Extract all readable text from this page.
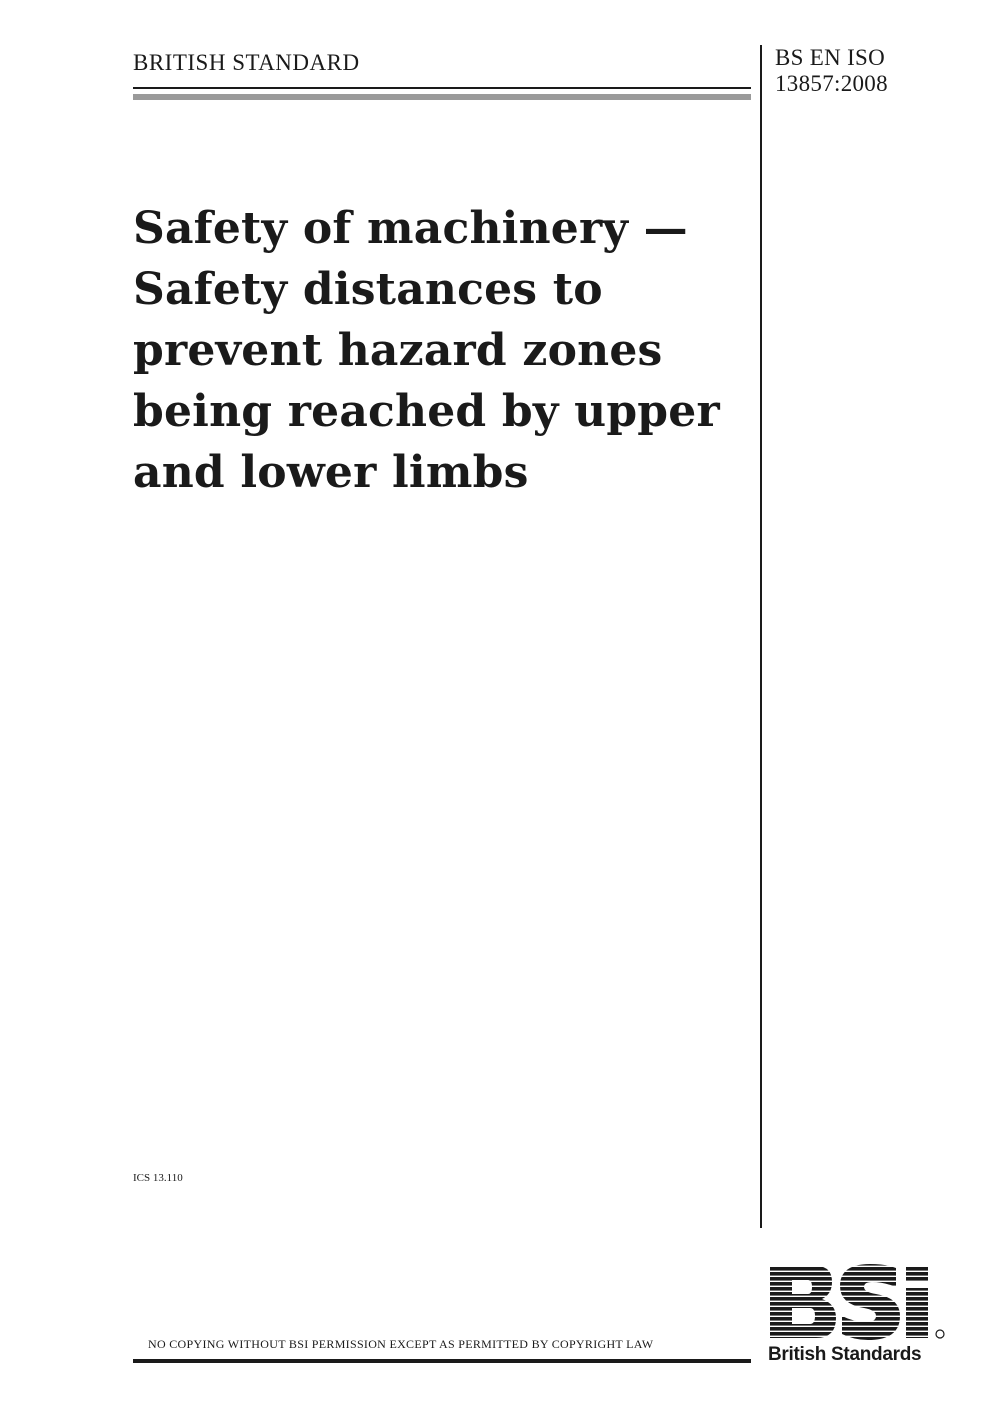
BRITISH STANDARD	BS EN ISO
13857:2008
Safety of machinery —
Safety distances to
prevent hazard zones
being reached by upper
and lower limbs
ICS 13.110
NO COPYING WITHOUT BSI PERMISSION EXCEPT AS PERMITTED BY COPYRIGHT LAW	British Standards
